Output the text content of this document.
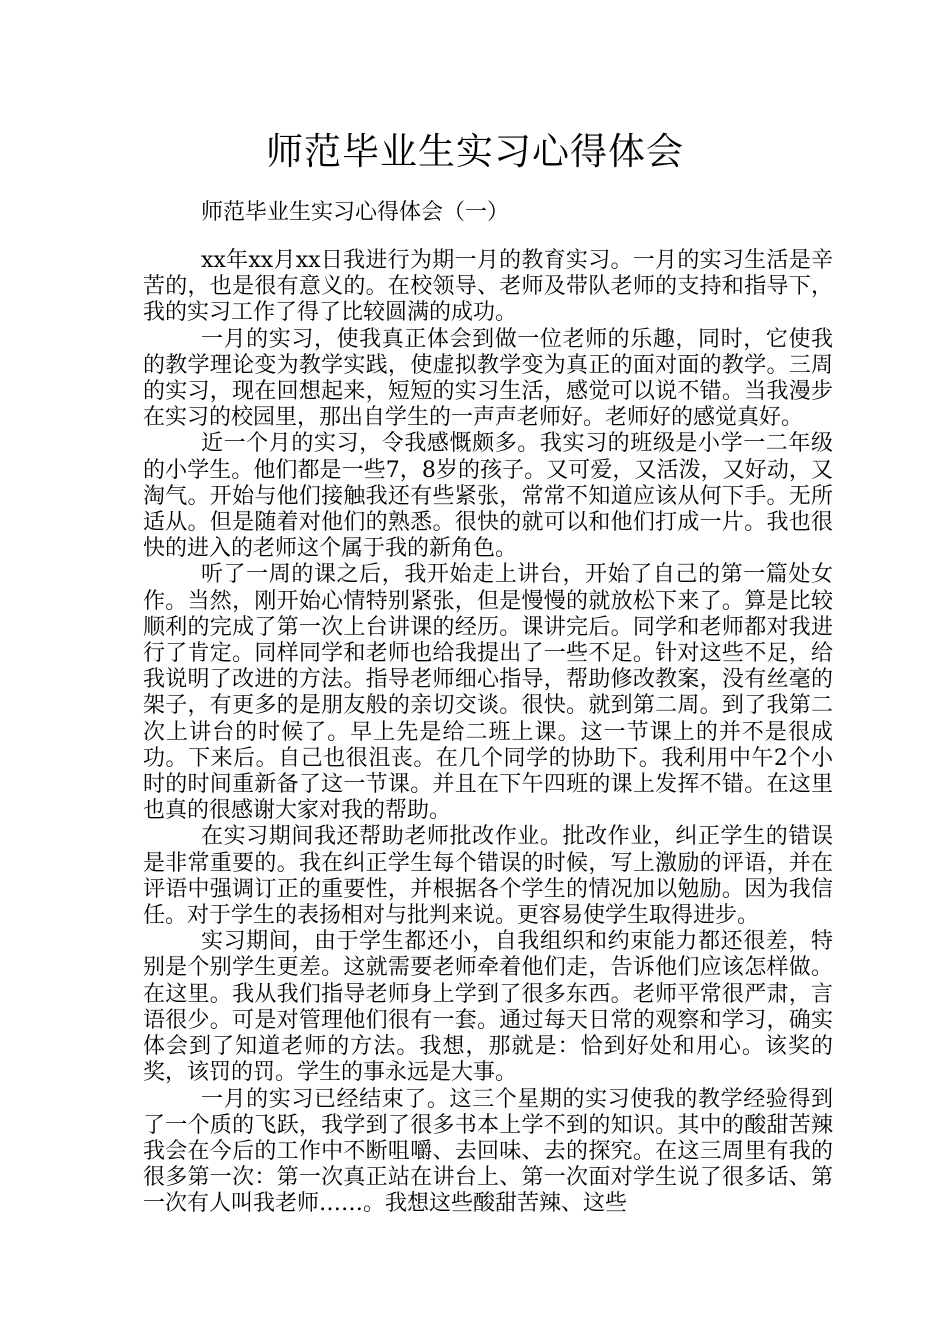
师范毕业生实习心得体会

师范毕业生实习心得体会（一）

xx年xx月xx日我进行为期一月的教育实习。一月的实习生活是辛苦的，也是很有意义的。在校领导、老师及带队老师的支持和指导下，我的实习工作了得了比较圆满的成功。

一月的实习，使我真正体会到做一位老师的乐趣，同时，它使我的教学理论变为教学实践，使虚拟教学变为真正的面对面的教学。三周的实习，现在回想起来，短短的实习生活，感觉可以说不错。当我漫步在实习的校园里，那出自学生的一声声老师好。老师好的感觉真好。

近一个月的实习，令我感慨颇多。我实习的班级是小学一二年级的小学生。他们都是一些7，8岁的孩子。又可爱，又活泼，又好动，又淘气。开始与他们接触我还有些紧张，常常不知道应该从何下手。无所适从。但是随着对他们的熟悉。很快的就可以和他们打成一片。我也很快的进入的老师这个属于我的新角色。

听了一周的课之后，我开始走上讲台，开始了自己的第一篇处女作。当然，刚开始心情特别紧张，但是慢慢的就放松下来了。算是比较顺利的完成了第一次上台讲课的经历。课讲完后。同学和老师都对我进行了肯定。同样同学和老师也给我提出了一些不足。针对这些不足，给我说明了改进的方法。指导老师细心指导，帮助修改教案，没有丝毫的架子，有更多的是朋友般的亲切交谈。很快。就到第二周。到了我第二次上讲台的时候了。早上先是给二班上课。这一节课上的并不是很成功。下来后。自己也很沮丧。在几个同学的协助下。我利用中午2个小时的时间重新备了这一节课。并且在下午四班的课上发挥不错。在这里也真的很感谢大家对我的帮助。

在实习期间我还帮助老师批改作业。批改作业，纠正学生的错误是非常重要的。我在纠正学生每个错误的时候，写上激励的评语，并在评语中强调订正的重要性，并根据各个学生的情况加以勉励。因为我信任。对于学生的表扬相对与批判来说。更容易使学生取得进步。

实习期间，由于学生都还小，自我组织和约束能力都还很差，特别是个别学生更差。这就需要老师牵着他们走，告诉他们应该怎样做。在这里。我从我们指导老师身上学到了很多东西。老师平常很严肃，言语很少。可是对管理他们很有一套。通过每天日常的观察和学习，确实体会到了知道老师的方法。我想，那就是：恰到好处和用心。该奖的奖，该罚的罚。学生的事永远是大事。

一月的实习已经结束了。这三个星期的实习使我的教学经验得到了一个质的飞跃，我学到了很多书本上学不到的知识。其中的酸甜苦辣我会在今后的工作中不断咀嚼、去回味、去的探究。在这三周里有我的很多第一次：第一次真正站在讲台上、第一次面对学生说了很多话、第一次有人叫我老师……。我想这些酸甜苦辣、这些
